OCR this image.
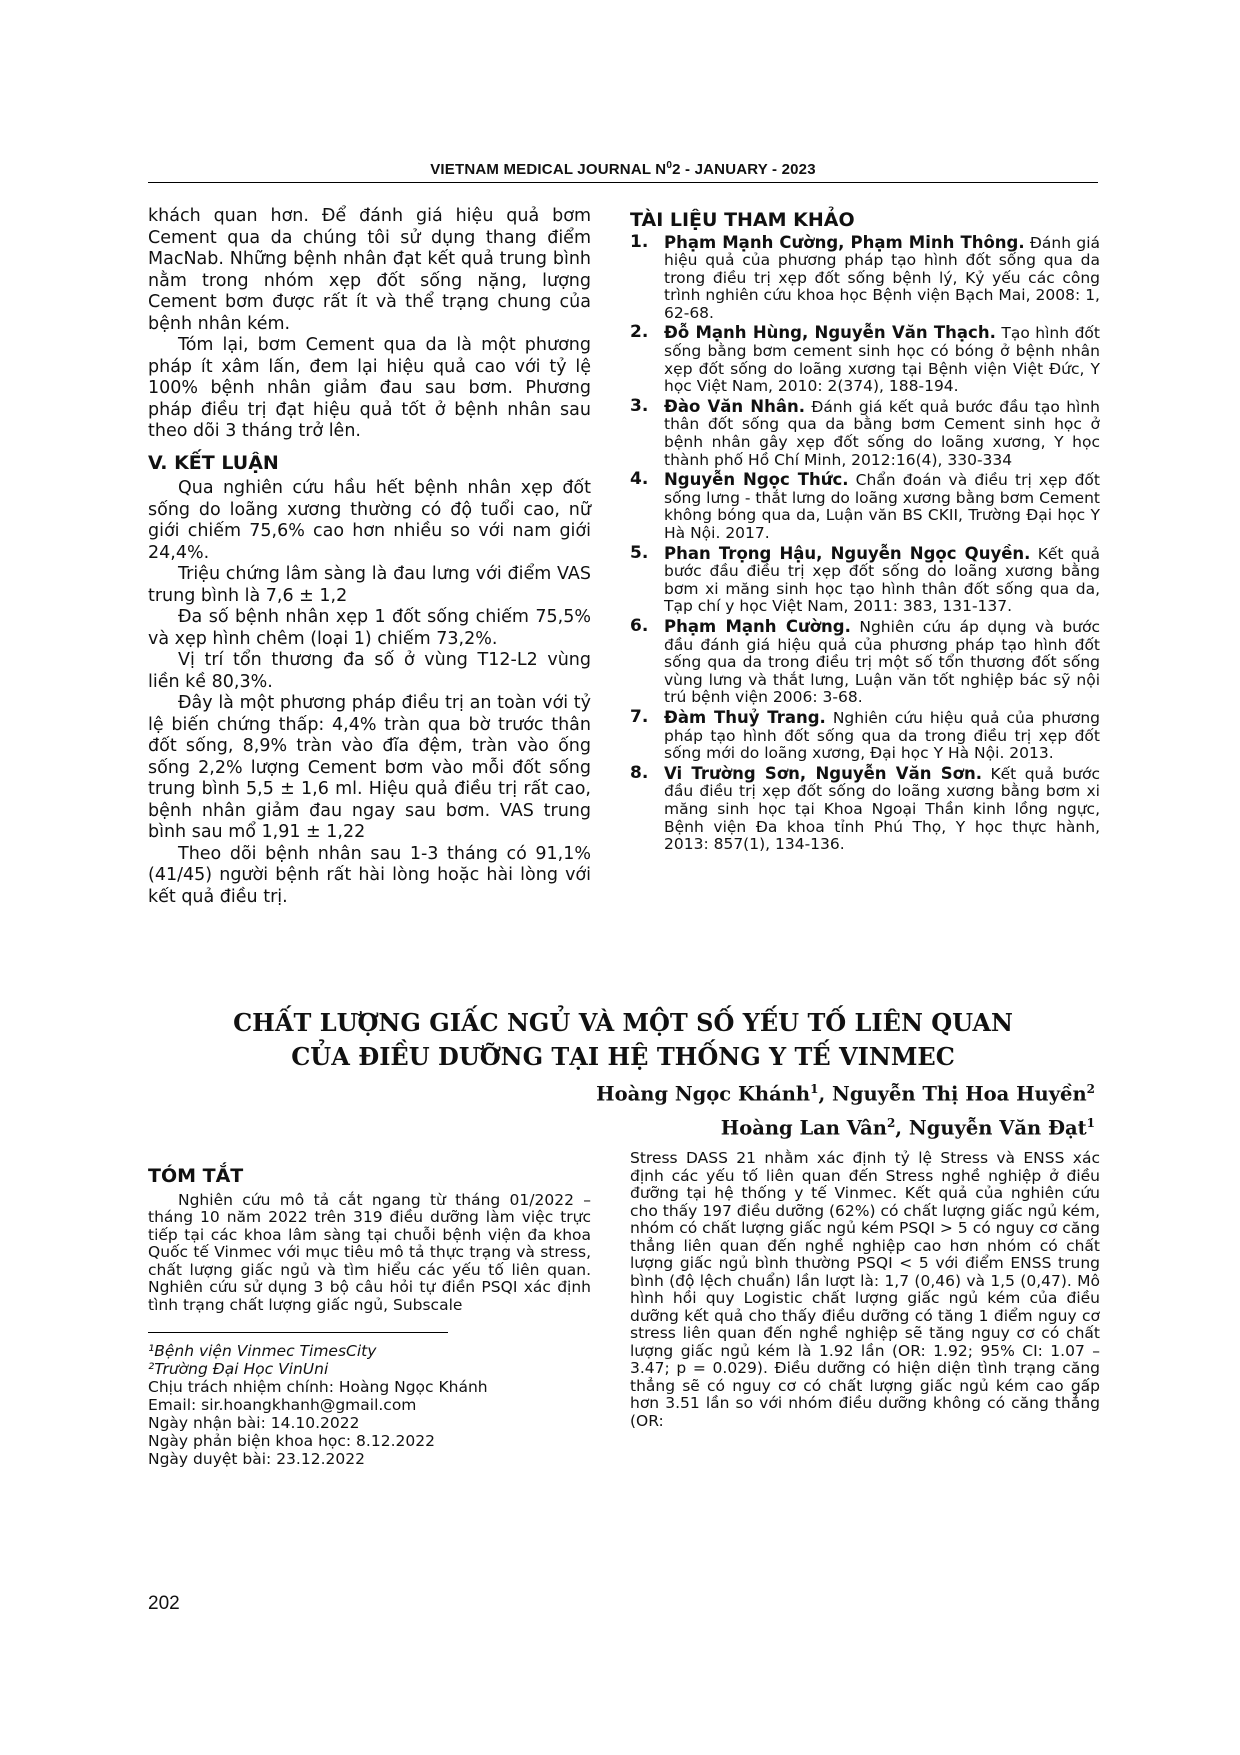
VIETNAM MEDICAL JOURNAL $N^02$ - JANUARY - 2023

khách quan hơn. Để đánh giá hiệu quả bơm Cement qua da chúng tôi sử dụng thang điểm MacNab. Những bệnh nhân đạt kết quả trung bình nằm trong nhóm xẹp đốt sống nặng, lượng Cement bơm được rất ít và thể trạng chung của bệnh nhân kém.

Tóm lại, bơm Cement qua da là một phương pháp ít xâm lấn, đem lại hiệu quả cao với tỷ lệ 100% bệnh nhân giảm đau sau bơm. Phương pháp điều trị đạt hiệu quả tốt ở bệnh nhân sau theo dõi 3 tháng trở lên.

V. KẾT LUẬN

Qua nghiên cứu hầu hết bệnh nhân xẹp đốt sống do loãng xương thường có độ tuổi cao, nữ giới chiếm 75,6% cao hơn nhiều so với nam giới 24,4%.

Triệu chứng lâm sàng là đau lưng với điểm VAS trung bình là 7,6 ± 1,2

Đa số bệnh nhân xẹp 1 đốt sống chiếm 75,5% và xẹp hình chêm (loại 1) chiếm 73,2%.

Vị trí tổn thương đa số ở vùng T12-L2 vùng liền kề 80,3%.

Đây là một phương pháp điều trị an toàn với tỷ lệ biến chứng thấp: 4,4% tràn qua bờ trước thân đốt sống, 8,9% tràn vào đĩa đệm, tràn vào ống sống 2,2% lượng Cement bơm vào mỗi đốt sống trung bình 5,5 ± 1,6 ml. Hiệu quả điều trị rất cao, bệnh nhân giảm đau ngay sau bơm. VAS trung bình sau mổ 1,91 ± 1,22

Theo dõi bệnh nhân sau 1-3 tháng có 91,1% (41/45) người bệnh rất hài lòng hoặc hài lòng với kết quả điều trị.

TÀI LIỆU THAM KHẢO

1. Phạm Mạnh Cường, Phạm Minh Thông. Đánh giá hiệu quả của phương pháp tạo hình đốt sống qua da trong điều trị xẹp đốt sống bệnh lý, Kỷ yếu các công trình nghiên cứu khoa học Bệnh viện Bạch Mai, 2008: 1, 62-68.
2. Đỗ Mạnh Hùng, Nguyễn Văn Thạch. Tạo hình đốt sống bằng bơm cement sinh học có bóng ở bệnh nhân xẹp đốt sống do loãng xương tại Bệnh viện Việt Đức, Y học Việt Nam, 2010: 2(374), 188-194.
3. Đào Văn Nhân. Đánh giá kết quả bước đầu tạo hình thân đốt sống qua da bằng bơm Cement sinh học ở bệnh nhân gây xẹp đốt sống do loãng xương, Y học thành phố Hồ Chí Minh, 2012:16(4), 330-334
4. Nguyễn Ngọc Thức. Chẩn đoán và điều trị xẹp đốt sống lưng - thắt lưng do loãng xương bằng bơm Cement không bóng qua da, Luận văn BS CKII, Trường Đại học Y Hà Nội. 2017.
5. Phan Trọng Hậu, Nguyễn Ngọc Quyền. Kết quả bước đầu điều trị xẹp đốt sống do loãng xương bằng bơm xi măng sinh học tạo hình thân đốt sống qua da, Tạp chí y học Việt Nam, 2011: 383, 131-137.
6. Phạm Mạnh Cường. Nghiên cứu áp dụng và bước đầu đánh giá hiệu quả của phương pháp tạo hình đốt sống qua da trong điều trị một số tổn thương đốt sống vùng lưng và thắt lưng, Luận văn tốt nghiệp bác sỹ nội trú bệnh viện 2006: 3-68.
7. Đàm Thuỷ Trang. Nghiên cứu hiệu quả của phương pháp tạo hình đốt sống qua da trong điều trị xẹp đốt sống mới do loãng xương, Đại học Y Hà Nội. 2013.
8. Vi Trường Sơn, Nguyễn Văn Sơn. Kết quả bước đầu điều trị xẹp đốt sống do loãng xương bằng bơm xi măng sinh học tại Khoa Ngoại Thần kinh lồng ngực, Bệnh viện Đa khoa tỉnh Phú Thọ, Y học thực hành, 2013: 857(1), 134-136.
CHẤT LƯỢNG GIẤC NGỦ VÀ MỘT SỐ YẾU TỐ LIÊN QUAN
CỦA ĐIỀU DƯỠNG TẠI HỆ THỐNG Y TẾ VINMEC
Hoàng Ngọc Khánh$^1$, Nguyễn Thị Hoa Huyền$^2$
Hoàng Lan Vân$^2$, Nguyễn Văn Đạt$^1$

TÓM TẮT

Nghiên cứu mô tả cắt ngang từ tháng 01/2022 – tháng 10 năm 2022 trên 319 điều dưỡng làm việc trực tiếp tại các khoa lâm sàng tại chuỗi bệnh viện đa khoa Quốc tế Vinmec với mục tiêu mô tả thực trạng và stress, chất lượng giấc ngủ và tìm hiểu các yếu tố liên quan. Nghiên cứu sử dụng 3 bộ câu hỏi tự điền PSQI xác định tình trạng chất lượng giấc ngủ, Subscale

Stress DASS 21 nhằm xác định tỷ lệ Stress và ENSS xác định các yếu tố liên quan đến Stress nghề nghiệp ở điều đưỡng tại hệ thống y tế Vinmec. Kết quả của nghiên cứu cho thấy 197 điều dưỡng (62%) có chất lượng giấc ngủ kém, nhóm có chất lượng giấc ngủ kém PSQI > 5 có nguy cơ căng thẳng liên quan đến nghề nghiệp cao hơn nhóm có chất lượng giấc ngủ bình thường PSQI < 5 với điểm ENSS trung bình (độ lệch chuẩn) lần lượt là: 1,7 (0,46) và 1,5 (0,47). Mô hình hồi quy Logistic chất lượng giấc ngủ kém của điều dưỡng kết quả cho thấy điều dưỡng có tăng 1 điểm nguy cơ stress liên quan đến nghề nghiệp sẽ tăng nguy cơ có chất lượng giấc ngủ kém là 1.92 lần (OR: 1.92; 95% CI: 1.07 – 3.47; p = 0.029). Điều dưỡng có hiện diện tình trạng căng thẳng sẽ có nguy cơ có chất lượng giấc ngủ kém cao gấp hơn 3.51 lần so với nhóm điều dưỡng không có căng thẳng (OR:

¹Bệnh viện Vinmec TimesCity
²Trường Đại Học VinUni
Chịu trách nhiệm chính: Hoàng Ngọc Khánh
Email: sir.hoangkhanh@gmail.com
Ngày nhận bài: 14.10.2022
Ngày phản biện khoa học: 8.12.2022
Ngày duyệt bài: 23.12.2022
202
